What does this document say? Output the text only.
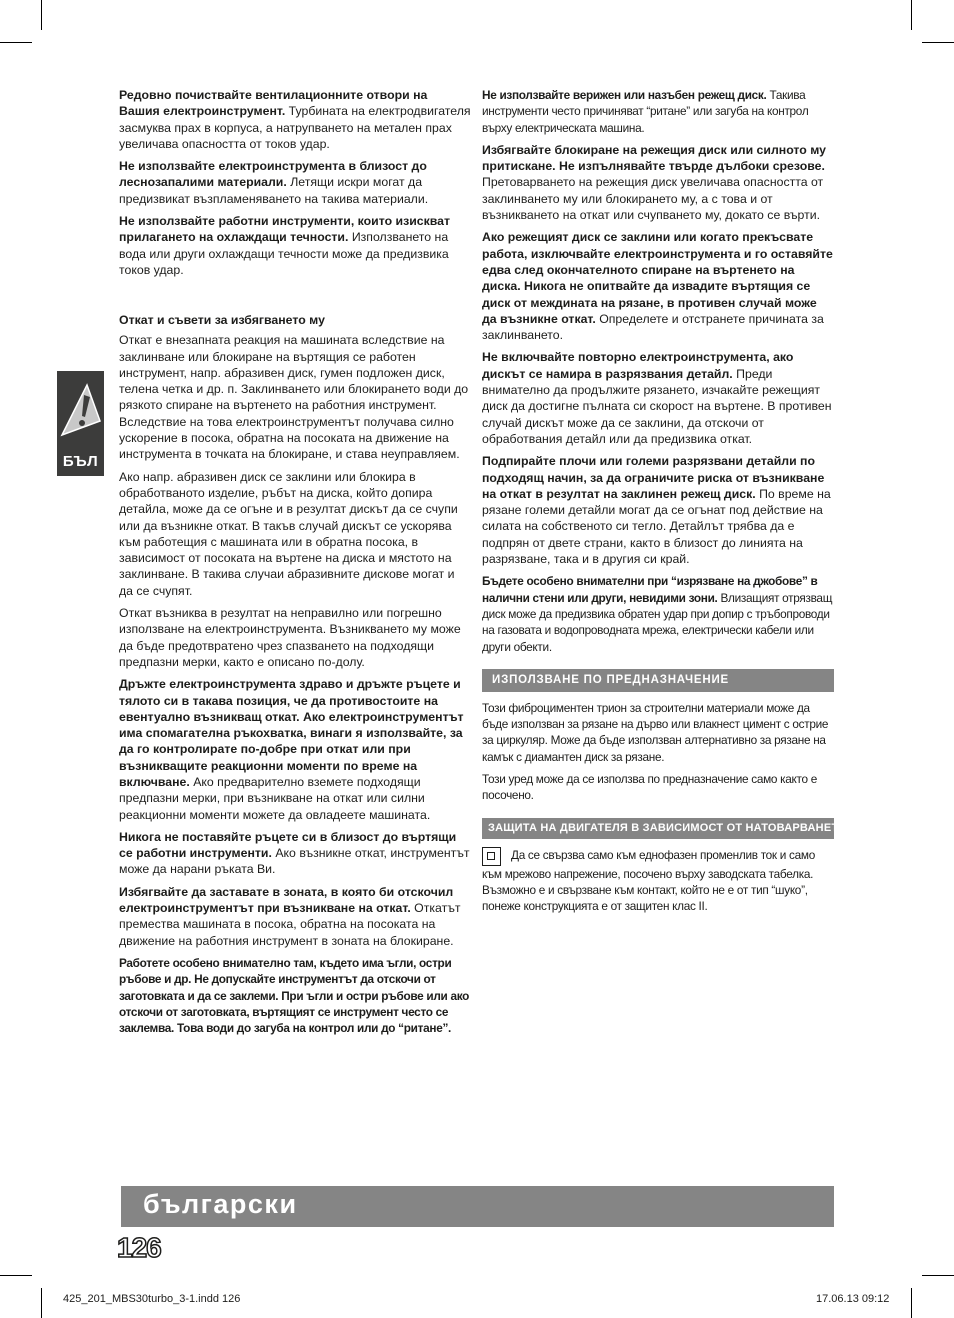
БЪЛ

Редовно почиствайте вентилационните отвори на Вашия електроинструмент. Турбината на електродвигателя засмуква прах в корпуса, а натрупването на метален прах увеличава опасността от токов удар.

Не използвайте електроинструмента в близост до леснозапалими материали. Летящи искри могат да предизвикат възпламеняването на такива материали.

Не използвайте работни инструменти, които изискват прилагането на охлаждащи течности. Използването на вода или други охлаждащи течности може да предизвика токов удар.

Откат и съвети за избягването му

Откат е внезапната реакция на машината вследствие на заклинване или блокиране на въртящия се работен инструмент, напр. абразивен диск, гумен подложен диск, телена четка и др. п. Заклинването или блокирането води до рязкото спиране на въртенето на работния инструмент. Вследствие на това електроинструментът получава силно ускорение в посока, обратна на посоката на движение на инструмента в точката на блокиране, и става неуправляем.

Ако напр. абразивен диск се заклини или блокира в обработваното изделие, ръбът на диска, който допира детайла, може да се огъне и в резултат дискът да се счупи или да възникне откат. В такъв случай дискът се ускорява към работещия с машината или в обратна посока, в зависимост от посоката на въртене на диска и мястото на заклинване. В такива случаи абразивните дискове могат и да се счупят.

Откат възниква в резултат на неправилно или погрешно използване на електроинструмента. Възникването му може да бъде предотвратено чрез спазването на подходящи предпазни мерки, както е описано по-долу.

Дръжте електроинструмента здраво и дръжте ръцете и тялото си в такава позиция, че да противостоите на евентуално възникващ откат. Ако електроинструментът има спомагателна ръкохватка, винаги я използвайте, за да го контролирате по-добре при откат или при възникващите реакционни моменти по време на включване. Ако предварително вземете подходящи предпазни мерки, при възникване на откат или силни реакционни моменти можете да овладеете машината.

Никога не поставяйте ръцете си в близост до въртящи се работни инструменти. Ако възникне откат, инструментът може да нарани ръката Ви.

Избягвайте да заставате в зоната, в която би отскочил електроинструментът при възникване на откат. Откатът премества машината в посока, обратна на посоката на движение на работния инструмент в зоната на блокиране.

Работете особено внимателно там, където има ъгли, остри ръбове и др. Не допускайте инструментът да отскочи от заготовката и да се заклеми. При ъгли и остри ръбове или ако отскочи от заготовката, въртящият се инструмент често се заклемва. Това води до загуба на контрол или до “ритане”.

Не използвайте верижен или назъбен режещ диск. Такива инструменти често причиняват “ритане” или загуба на контрол върху електрическата машина.

Избягвайте блокиране на режещия диск или силното му притискане. Не изпълнявайте твърде дълбоки срезове. Претоварването на режещия диск увеличава опасността от заклинването му или блокирането му, а с това и от възникването на откат или счупването му, докато се върти.

Ако режещият диск се заклини или когато прекъсвате работа, изключвайте електроинструмента и го оставяйте едва след окончателното спиране на въртенето на диска. Никога не опитвайте да извадите въртящия се диск от междината на рязане, в противен случай може да възникне откат. Определете и отстранете причината за заклинването.

Не включвайте повторно електроинструмента, ако дискът се намира в разрязвания детайл. Преди внимателно да продължите рязането, изчакайте режещият диск да достигне пълната си скорост на въртене. В противен случай дискът може да се заклини, да отскочи от обработвания детайл или да предизвика откат.

Подпирайте плочи или големи разрязвани детайли по подходящ начин, за да ограничите риска от възникване на откат в резултат на заклинен режещ диск. По време на рязане големи детайли могат да се огънат под действие на силата на собственото си тегло. Детайлът трябва да е подпрян от двете страни, както в близост до линията на разрязване, така и в другия си край.

Бъдете особено внимателни при “изрязване на джобове” в налични стени или други, невидими зони. Влизащият отрязващ диск може да предизвика обратен удар при допир с тръбопроводи на газовата и водопроводната мрежа, електрически кабели или други обекти.

ИЗПОЛЗВАНЕ ПО ПРЕДНАЗНАЧЕНИЕ

Този фиброциментен трион за строителни материали може да бъде използван за рязане на дърво или влакнест цимент с острие за циркуляр. Може да бъде използван алтернативно за рязане на камък с диамантен диск за рязане.

Този уред може да се използва по предназначение само както е посочено.

ЗАЩИТА НА ДВИГАТЕЛЯ В ЗАВИСИМОСТ ОТ НАТОВАРВАНЕТО

Да се свързва само към еднофазен променлив ток и само към мрежово напрежение, посочено върху заводската табелка. Възможно е и свързване към контакт, който не е от тип “шуко”, понеже конструкцията е от защитен клас II.

български
126
425_201_MBS30turbo_3-1.indd 126	17.06.13 09:12
